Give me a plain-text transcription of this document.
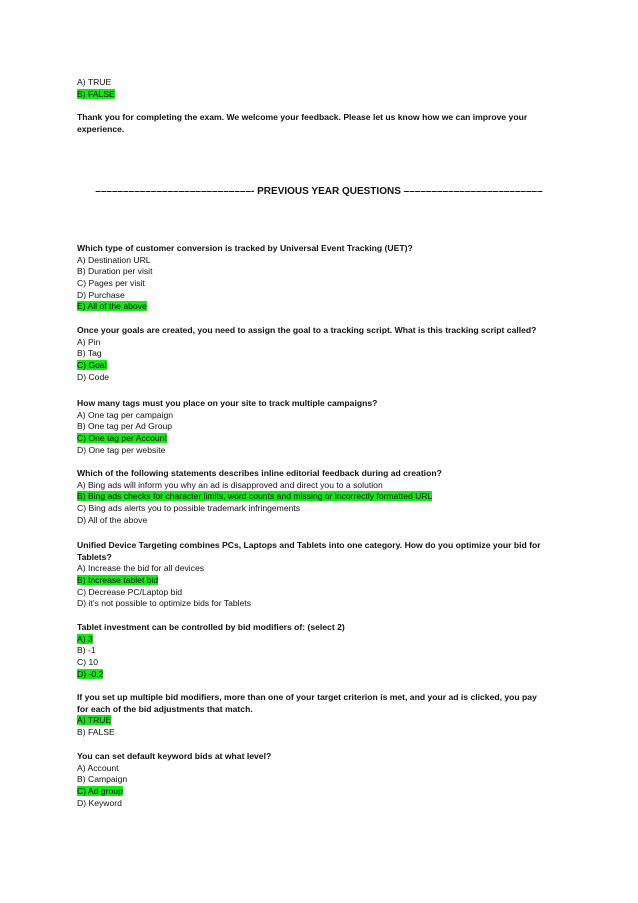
A) TRUE
B) FALSE
Thank you for completing the exam. We welcome your feedback. Please let us know how we can improve your experience.
––––––––––––––––––––––––––––- PREVIOUS YEAR QUESTIONS –––––––––––––––––––––––––
Which type of customer conversion is tracked by Universal Event Tracking (UET)?
A) Destination URL
B) Duration per visit
C) Pages per visit
D) Purchase
E) All of the above
Once your goals are created, you need to assign the goal to a tracking script. What is this tracking script called?
A) Pin
B) Tag
C) Goal
D) Code
How many tags must you place on your site to track multiple campaigns?
A) One tag per campaign
B) One tag per Ad Group
C) One tag per Account
D) One tag per website
Which of the following statements describes inline editorial feedback during ad creation?
A) Bing ads will inform you why an ad is disapproved and direct you to a solution
B) Bing ads checks for character limits, word counts and missing or incorrectly formatted URL
C) Bing ads alerts you to possible trademark infringements
D) All of the above
Unified Device Targeting combines PCs, Laptops and Tablets into one category. How do you optimize your bid for Tablets?
A) Increase the bid for all devices
B) Increase tablet bid
C) Decrease PC/Laptop bid
D) it’s not possible to optimize bids for Tablets
Tablet investment can be controlled by bid modifiers of: (select 2)
A) 3
B) -1
C) 10
D) -0.2
If you set up multiple bid modifiers, more than one of your target criterion is met, and your ad is clicked, you pay for each of the bid adjustments that match.
A) TRUE
B) FALSE
You can set default keyword bids at what level?
A) Account
B) Campaign
C) Ad group
D) Keyword
